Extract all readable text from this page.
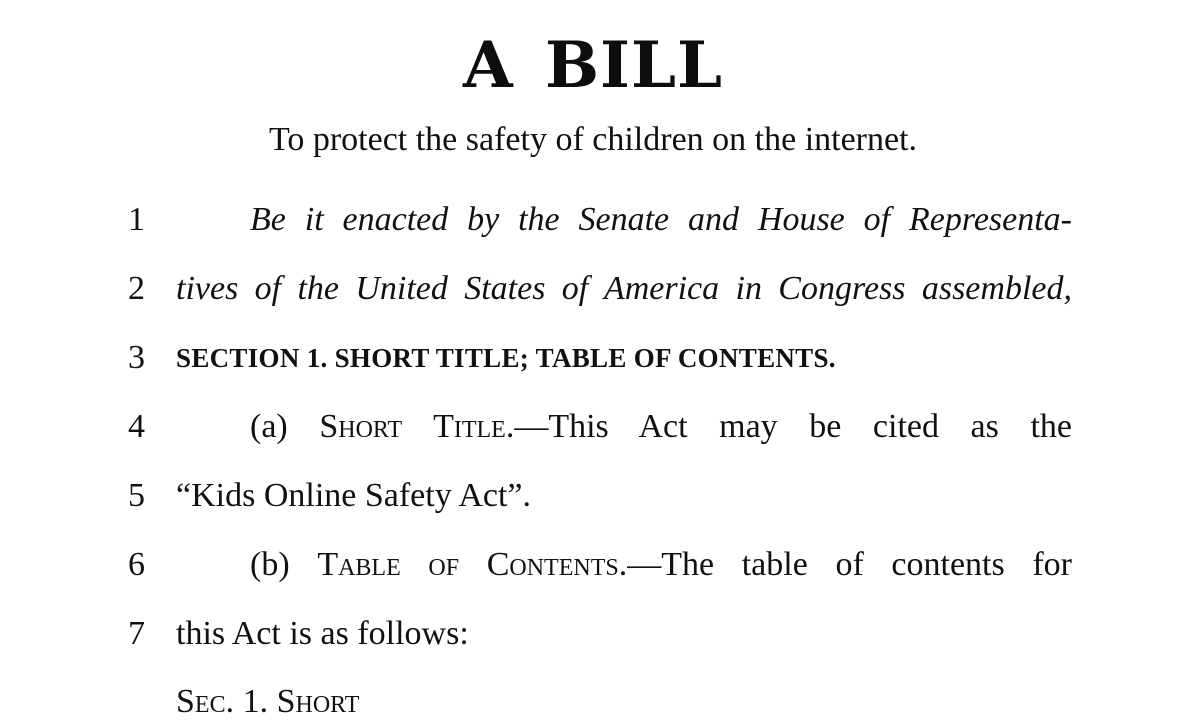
A BILL
To protect the safety of children on the internet.
1	Be it enacted by the Senate and House of Representa-
2 tives of the United States of America in Congress assembled,
3 SECTION 1. SHORT TITLE; TABLE OF CONTENTS.
4	(a) Short Title.—This Act may be cited as the
5 “Kids Online Safety Act”.
6	(b) Table of Contents.—The table of contents for
7 this Act is as follows:
Sec. 1. Short
